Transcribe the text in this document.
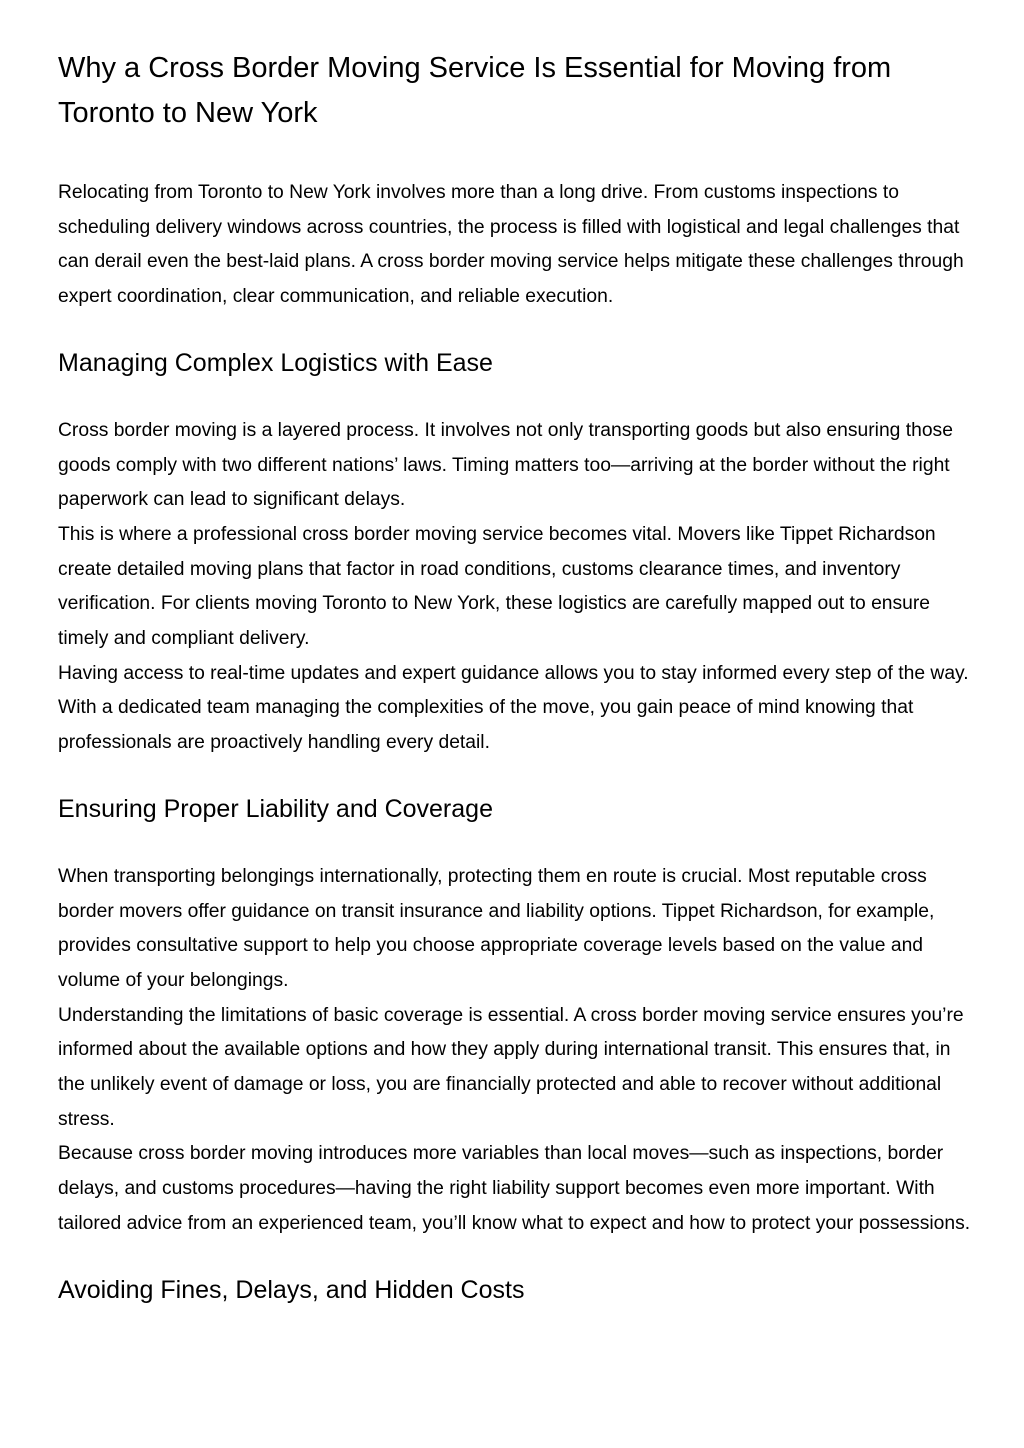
Why a Cross Border Moving Service Is Essential for Moving from Toronto to New York

Relocating from Toronto to New York involves more than a long drive. From customs inspections to scheduling delivery windows across countries, the process is filled with logistical and legal challenges that can derail even the best-laid plans. A cross border moving service helps mitigate these challenges through expert coordination, clear communication, and reliable execution.

Managing Complex Logistics with Ease

Cross border moving is a layered process. It involves not only transporting goods but also ensuring those goods comply with two different nations’ laws. Timing matters too—arriving at the border without the right paperwork can lead to significant delays.

This is where a professional cross border moving service becomes vital. Movers like Tippet Richardson create detailed moving plans that factor in road conditions, customs clearance times, and inventory verification. For clients moving Toronto to New York, these logistics are carefully mapped out to ensure timely and compliant delivery.

Having access to real-time updates and expert guidance allows you to stay informed every step of the way. With a dedicated team managing the complexities of the move, you gain peace of mind knowing that professionals are proactively handling every detail.

Ensuring Proper Liability and Coverage

When transporting belongings internationally, protecting them en route is crucial. Most reputable cross border movers offer guidance on transit insurance and liability options. Tippet Richardson, for example, provides consultative support to help you choose appropriate coverage levels based on the value and volume of your belongings.

Understanding the limitations of basic coverage is essential. A cross border moving service ensures you’re informed about the available options and how they apply during international transit. This ensures that, in the unlikely event of damage or loss, you are financially protected and able to recover without additional stress.

Because cross border moving introduces more variables than local moves—such as inspections, border delays, and customs procedures—having the right liability support becomes even more important. With tailored advice from an experienced team, you’ll know what to expect and how to protect your possessions.

Avoiding Fines, Delays, and Hidden Costs
